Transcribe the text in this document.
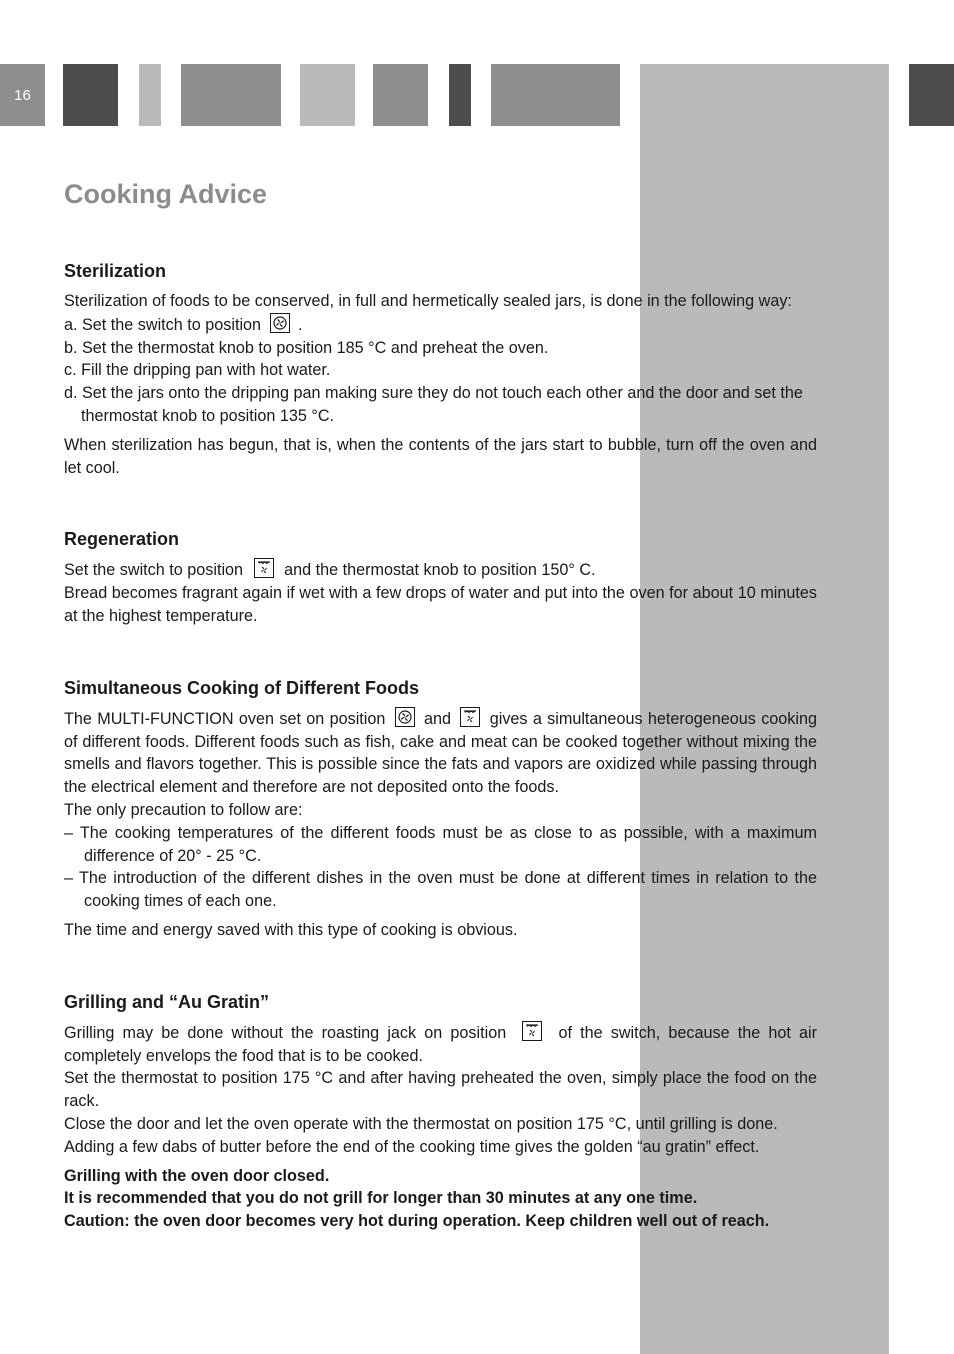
16
Cooking Advice
Sterilization

Sterilization of foods to be conserved, in full and hermetically sealed jars, is done in the following way:

a. Set the switch to position
.

b. Set the thermostat knob to position 185 °C and preheat the oven.

c. Fill the dripping pan with hot water.

d. Set the jars onto the dripping pan making sure they do not touch each other and the door and set the thermostat knob to position 135 °C.

When sterilization has begun, that is, when the contents of the jars start to bubble, turn off the oven and let cool.

Regeneration

Set the switch to position	and the thermostat knob to position 150° C.

Bread becomes fragrant again if wet with a few drops of water and put into the oven for about 10 minutes at the highest temperature.

Simultaneous Cooking of Different Foods

The MULTI-FUNCTION oven set on position and gives a simultaneous heterogeneous cooking of different foods. Different foods such as fish, cake and meat can be cooked together without mixing the smells and flavors together. This is possible since the fats and vapors are oxidized while passing through the electrical element and therefore are not deposited onto the foods.

The only precaution to follow are:

– The cooking temperatures of the different foods must be as close to as possible, with a maximum difference of 20° - 25 °C.

– The introduction of the different dishes in the oven must be done at different times in relation to the cooking times of each one.

The time and energy saved with this type of cooking is obvious.

Grilling and “Au Gratin”

Grilling may be done without the roasting jack on position	of the switch, because the hot air completely envelops the food that is to be cooked.

Set the thermostat to position 175 °C and after having preheated the oven, simply place the food on the rack.

Close the door and let the oven operate with the thermostat on position 175 °C, until grilling is done.

Adding a few dabs of butter before the end of the cooking time gives the golden “au gratin” effect.

Grilling with the oven door closed.

It is recommended that you do not grill for longer than 30 minutes at any one time.

Caution: the oven door becomes very hot during operation. Keep children well out of reach.
